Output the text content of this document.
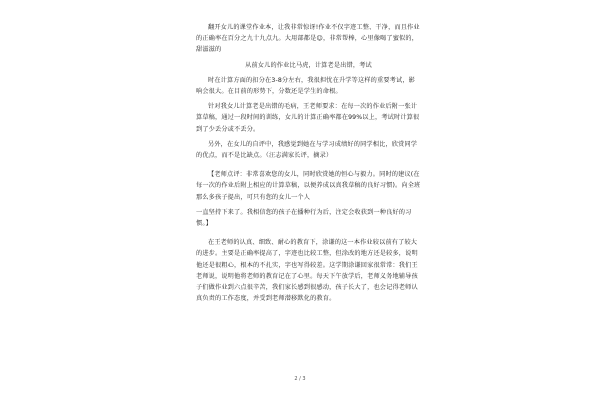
翻开女儿的课堂作业本，让我非常惊讶!作业不仅字迹工整、干净，而且作业的正确率在百分之九十九点九。大用部都是☺，非常帮棒，心里像喝了蜜似的，甜滋滋的

从前女儿的作业比马虎，计算老是出错，考试

时在计算方面的扣分在3-8分左右，我很担忧在升学等这样的重要考试，影响会很大。在目前的形势下，分数还是学生的命根。

针对我女儿计算老是出错的毛病，王老师要求：在每一次的作业后附一张计算草稿，通过一段时间的训练，女儿的计算正确率都在99%以上，考试时计算很到了少丢分或不丢分。

另外，在女儿的自评中，我感觉到她在与学习成绩好的同学相比，欣赏同学的优点，而不是比缺点。（汪志满家长评，摘录）

【老师点评：非常喜欢您的女儿，同时欣赏她的恒心与毅力。同时的建议(在每一次的作业后附上相应的计算草稿，以便养成以真我草稿的良好习惯)。向全班那么多孩子提出，可只有您的女儿一个人

一直坚持下来了。我相信您的孩子在播种行为后，注定会收获到一种良好的习惯。】

在王老师的认真、细致、耐心的教育下，涂谦的这一本作业较以前有了较大的进步。主要是正确率提高了，字迹也比较工整，但涂改的地方还是较多，说明他还是很粗心，根本的不扎实，字也写得较差。这学期涂谦回家很常常：我们王老师说，说明他将老师的教育记在了心里。每天下午放学后，老师义务地辅导孩子们做作业到六点很辛苦，我们家长感到很感动，孩子长大了，也会记得老师认真负责的工作态度，并受到老师潜移默化的教育。

2 / 3
